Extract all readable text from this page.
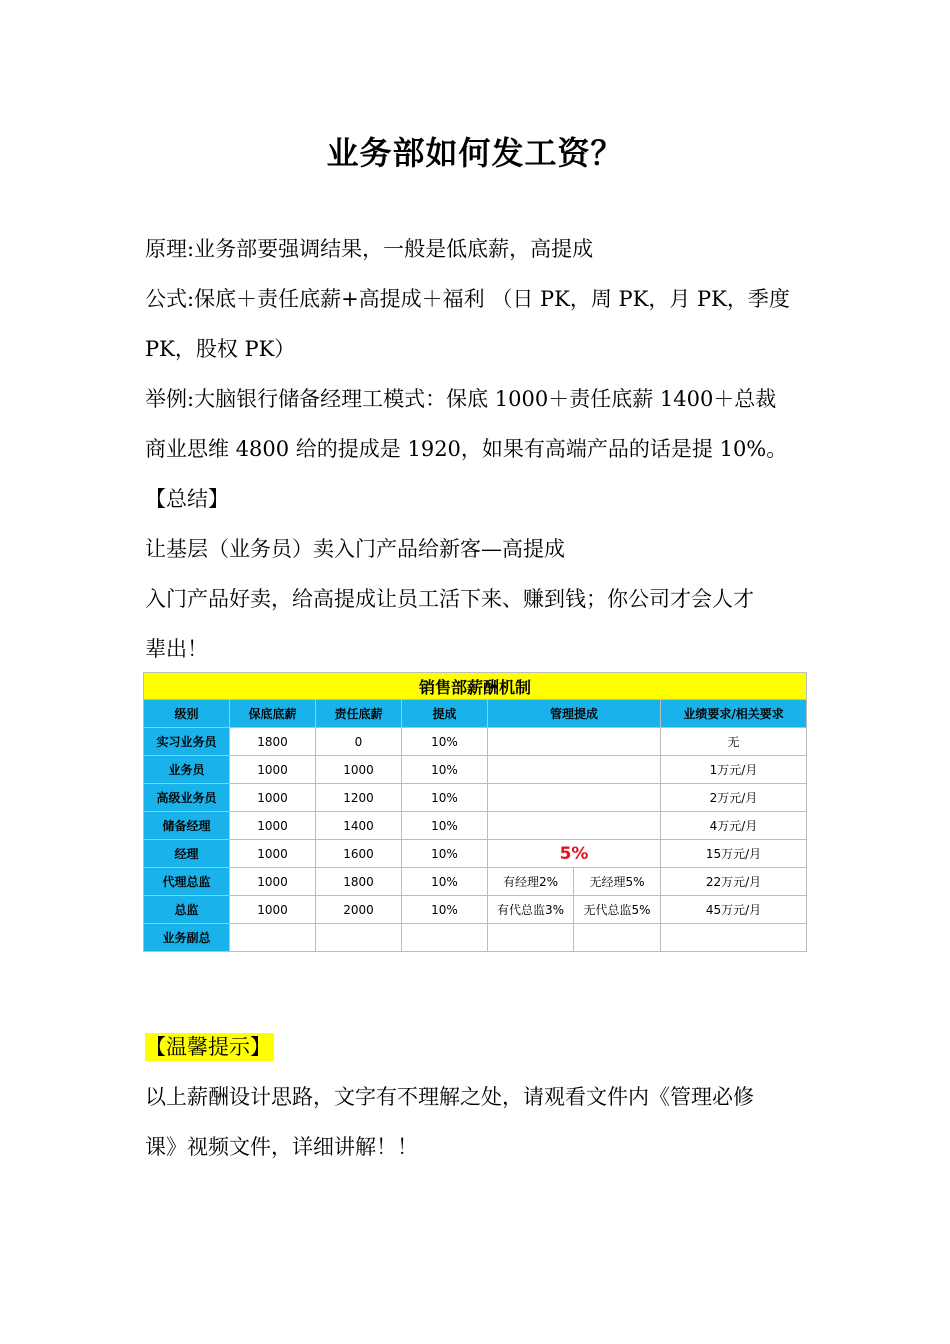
业务部如何发工资？

原理:业务部要强调结果，一般是低底薪，高提成

公式:保底＋责任底薪+高提成＋福利 （日 PK，周 PK，月 PK，季度

PK，股权 PK）

举例:大脑银行储备经理工模式：保底 1000＋责任底薪 1400＋总裁

商业思维 4800 给的提成是 1920，如果有高端产品的话是提 10%。

【总结】

让基层（业务员）卖入门产品给新客—高提成

入门产品好卖，给高提成让员工活下来、赚到钱；你公司才会人才

辈出！

销售部薪酬机制						
级别	保底底薪	责任底薪	提成	管理提成		业绩要求/相关要求
实习业务员	1800	0	10%			无
业务员	1000	1000	10%			1万元/月
高级业务员	1000	1200	10%			2万元/月
储备经理	1000	1400	10%			4万元/月
经理	1000	1600	10%	5%		15万元/月
代理总监	1000	1800	10%	有经理2%	无经理5%	22万元/月
总监	1000	2000	10%	有代总监3%	无代总监5%	45万元/月
业务副总						
【温馨提示】

以上薪酬设计思路，文字有不理解之处，请观看文件内《管理必修

课》视频文件，详细讲解！！
